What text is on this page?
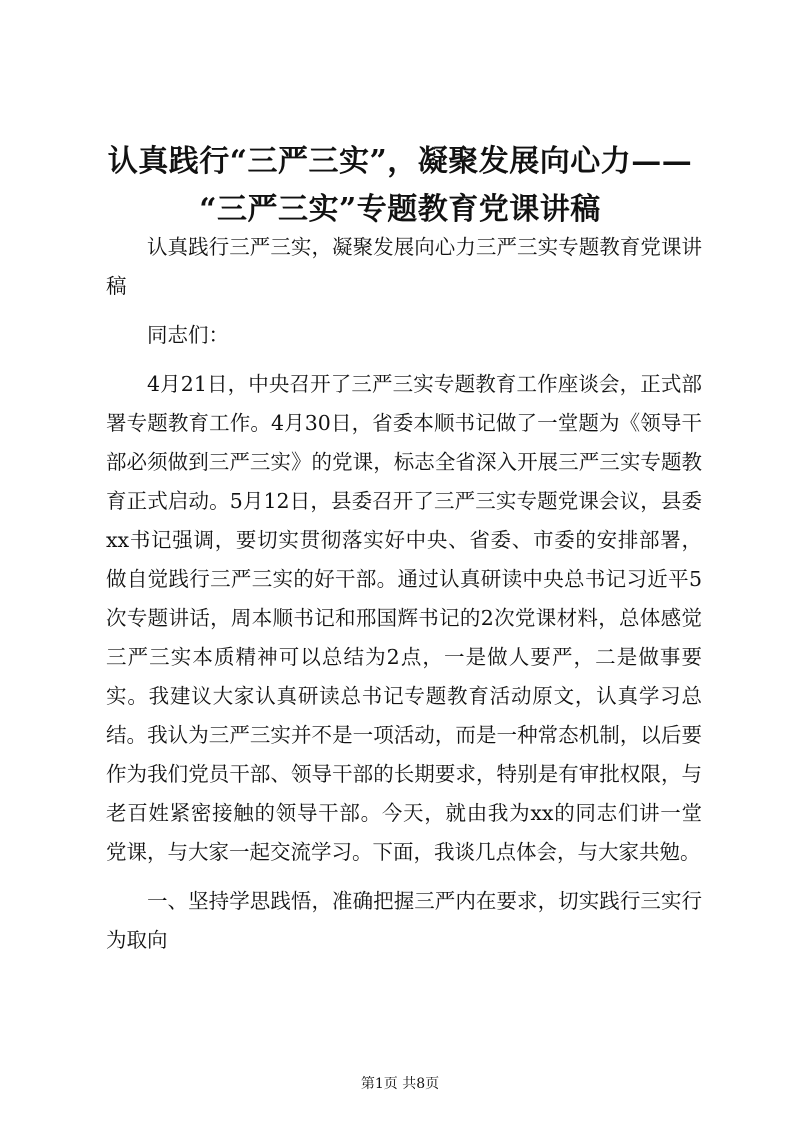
认真践行“三严三实”，凝聚发展向心力——
“三严三实”专题教育党课讲稿

认真践行三严三实，凝聚发展向心力三严三实专题教育党课讲稿

同志们：

4月21日，中央召开了三严三实专题教育工作座谈会，正式部署专题教育工作。4月30日，省委本顺书记做了一堂题为《领导干部必须做到三严三实》的党课，标志全省深入开展三严三实专题教育正式启动。5月12日，县委召开了三严三实专题党课会议，县委xx书记强调，要切实贯彻落实好中央、省委、市委的安排部署，做自觉践行三严三实的好干部。通过认真研读中央总书记习近平5次专题讲话，周本顺书记和邢国辉书记的2次党课材料，总体感觉三严三实本质精神可以总结为2点，一是做人要严，二是做事要实。我建议大家认真研读总书记专题教育活动原文，认真学习总结。我认为三严三实并不是一项活动，而是一种常态机制，以后要作为我们党员干部、领导干部的长期要求，特别是有审批权限，与老百姓紧密接触的领导干部。今天，就由我为xx的同志们讲一堂党课，与大家一起交流学习。下面，我谈几点体会，与大家共勉。

一、坚持学思践悟，准确把握三严内在要求，切实践行三实行为取向

第1页 共8页
